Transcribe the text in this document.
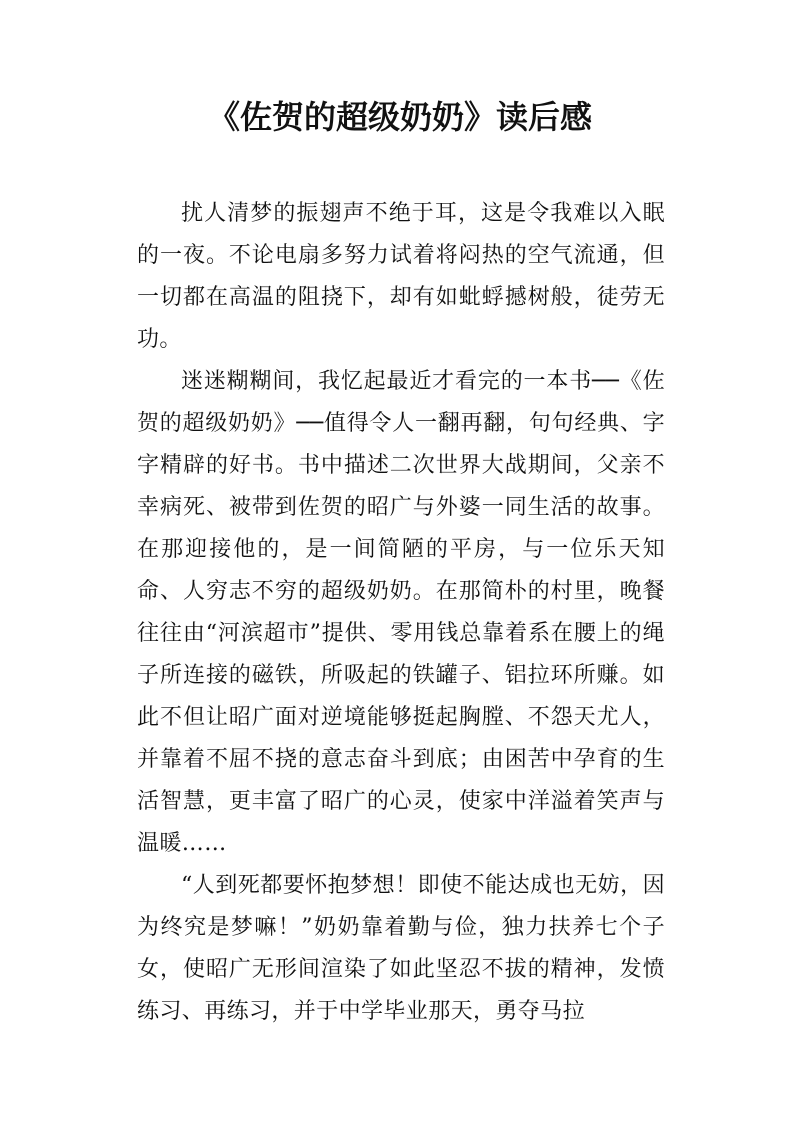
《佐贺的超级奶奶》读后感

扰人清梦的振翅声不绝于耳，这是令我难以入眠的一夜。不论电扇多努力试着将闷热的空气流通，但一切都在高温的阻挠下，却有如蚍蜉撼树般，徒劳无功。

迷迷糊糊间，我忆起最近才看完的一本书──《佐贺的超级奶奶》──值得令人一翻再翻，句句经典、字字精辟的好书。书中描述二次世界大战期间，父亲不幸病死、被带到佐贺的昭广与外婆一同生活的故事。在那迎接他的，是一间简陋的平房，与一位乐天知命、人穷志不穷的超级奶奶。在那简朴的村里，晚餐往往由“河滨超市”提供、零用钱总靠着系在腰上的绳子所连接的磁铁，所吸起的铁罐子、铝拉环所赚。如此不但让昭广面对逆境能够挺起胸膛、不怨天尤人，并靠着不屈不挠的意志奋斗到底；由困苦中孕育的生活智慧，更丰富了昭广的心灵，使家中洋溢着笑声与温暖……

“人到死都要怀抱梦想！即使不能达成也无妨，因为终究是梦嘛！”奶奶靠着勤与俭，独力扶养七个子女，使昭广无形间渲染了如此坚忍不拔的精神，发愤练习、再练习，并于中学毕业那天，勇夺马拉
